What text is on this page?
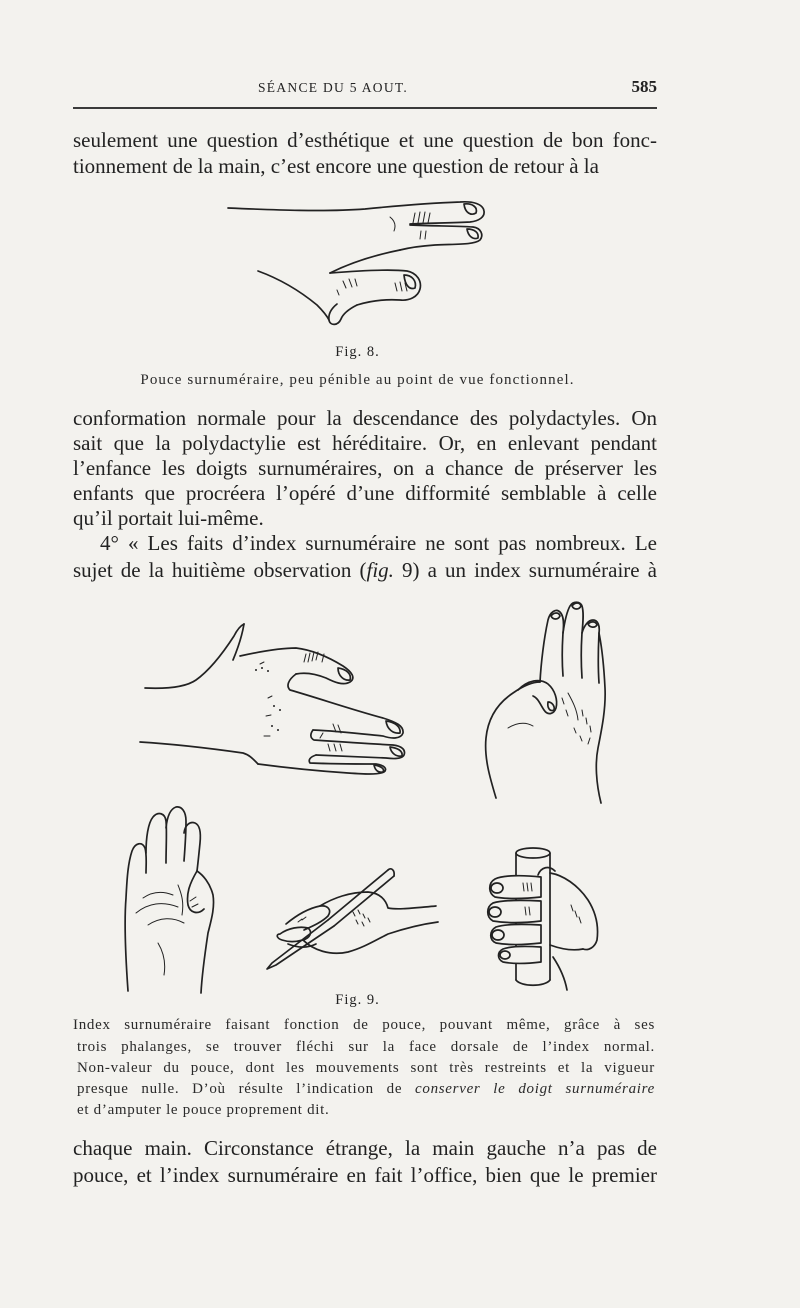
SÉANCE DU 5 AOUT.	585
seulement une question d’esthétique et une question de bon fonc-
tionnement de la main, c’est encore une question de retour à la
Fig. 8.
Pouce surnuméraire, peu pénible au point de vue fonctionnel.
conformation normale pour la descendance des polydactyles. On
sait que la polydactylie est héréditaire. Or, en enlevant pendant
l’enfance les doigts surnuméraires, on a chance de préserver les
enfants que procréera l’opéré d’une difformité semblable à celle
qu’il portait lui-même.
4° « Les faits d’index surnuméraire ne sont pas nombreux. Le
sujet de la huitième observation (fig. 9) a un index surnuméraire à
Fig. 9.
Index surnuméraire faisant fonction de pouce, pouvant même, grâce à ses
trois phalanges, se trouver fléchi sur la face dorsale de l’index normal.
Non-valeur du pouce, dont les mouvements sont très restreints et la vigueur
presque nulle. D’où résulte l’indication de conserver le doigt surnuméraire
et d’amputer le pouce proprement dit.
chaque main. Circonstance étrange, la main gauche n’a pas de
pouce, et l’index surnuméraire en fait l’office, bien que le premier
